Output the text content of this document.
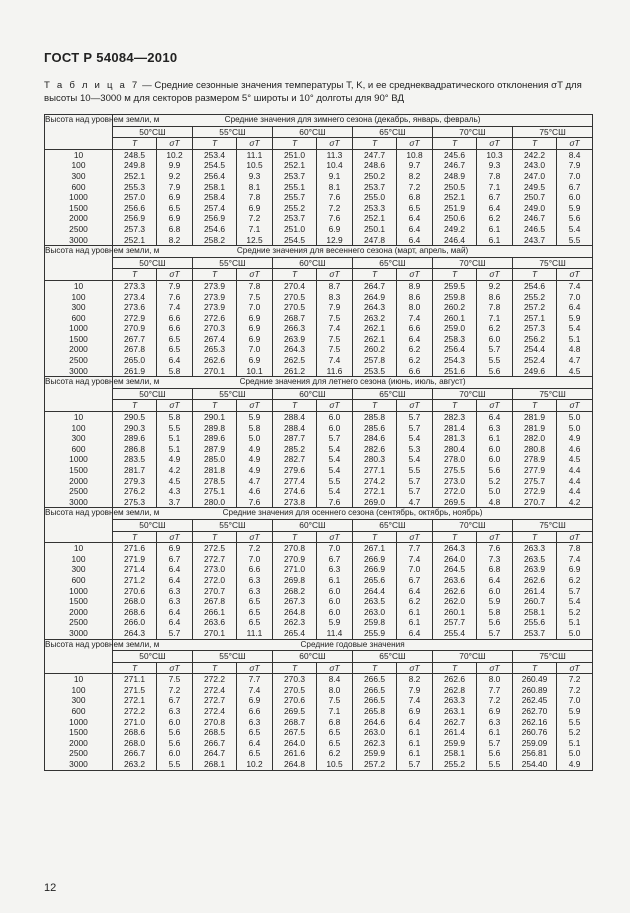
ГОСТ Р 54084—2010
Т а б л и ц а 7 — Средние сезонные значения температуры T, K, и ее среднеквадратического отклонения σT для высоты 10—3000 м для секторов размером 5° широты и 10° долготы для 90° ВД
Высота над уровнем земли, м	Средние значения для зимнего сезона (декабрь, январь, февраль)											
	50°СШ		55°СШ		60°СШ		65°СШ		70°СШ		75°СШ	
	T	σT	T	σT	T	σT	T	σT	T	σT	T	σT
10	248.5	10.2	253.4	11.1	251.0	11.3	247.7	10.8	245.6	10.3	242.2	8.4
100	249.8	9.9	254.5	10.5	252.1	10.4	248.6	9.7	246.7	9.3	243.0	7.9
300	252.1	9.2	256.4	9.3	253.7	9.1	250.2	8.2	248.9	7.8	247.0	7.0
600	255.3	7.9	258.1	8.1	255.1	8.1	253.7	7.2	250.5	7.1	249.5	6.7
1000	257.0	6.9	258.4	7.8	255.7	7.6	255.0	6.8	252.1	6.7	250.7	6.0
1500	256.6	6.5	257.4	6.9	255.2	7.2	253.3	6.5	251.9	6.4	249.0	5.9
2000	256.9	6.9	256.9	7.2	253.7	7.6	252.1	6.4	250.6	6.2	246.7	5.6
2500	257.3	6.8	254.6	7.1	251.0	6.9	250.1	6.4	249.2	6.1	246.5	5.4
3000	252.1	8.2	258.2	12.5	254.5	12.9	247.8	6.4	246.4	6.1	243.7	5.5
Высота над уровнем земли, м	Средние значения для весеннего сезона (март, апрель, май)											
	50°СШ		55°СШ		60°СШ		65°СШ		70°СШ		75°СШ	
	T	σT	T	σT	T	σT	T	σT	T	σT	T	σT
10	273.3	7.9	273.9	7.8	270.4	8.7	264.7	8.9	259.5	9.2	254.6	7.4
100	273.4	7.6	273.9	7.5	270.5	8.3	264.9	8.6	259.8	8.6	255.2	7.0
300	273.6	7.4	273.9	7.0	270.5	7.9	264.3	8.0	260.2	7.8	257.2	6.4
600	272.9	6.6	272.6	6.9	268.7	7.5	263.2	7.4	260.1	7.1	257.1	5.9
1000	270.9	6.6	270.3	6.9	266.3	7.4	262.1	6.6	259.0	6.2	257.3	5.4
1500	267.7	6.5	267.4	6.9	263.9	7.5	262.1	6.4	258.3	6.0	256.2	5.1
2000	267.8	6.5	265.3	7.0	264.3	7.5	260.2	6.2	256.4	5.7	254.4	4.8
2500	265.0	6.4	262.6	6.9	262.5	7.4	257.8	6.2	254.3	5.5	252.4	4.7
3000	261.9	5.8	270.1	10.1	261.2	11.6	253.5	6.6	251.6	5.6	249.6	4.5
Высота над уровнем земли, м	Средние значения для летнего сезона (июнь, июль, август)											
	50°СШ		55°СШ		60°СШ		65°СШ		70°СШ		75°СШ	
	T	σT	T	σT	T	σT	T	σT	T	σT	T	σT
10	290.5	5.8	290.1	5.9	288.4	6.0	285.8	5.7	282.3	6.4	281.9	5.0
100	290.3	5.5	289.8	5.8	288.4	6.0	285.6	5.7	281.4	6.3	281.9	5.0
300	289.6	5.1	289.6	5.0	287.7	5.7	284.6	5.4	281.3	6.1	282.0	4.9
600	286.8	5.1	287.9	4.9	285.2	5.4	282.6	5.3	280.4	6.0	280.8	4.6
1000	283.5	4.9	285.0	4.9	282.7	5.4	280.3	5.4	278.0	6.0	278.9	4.5
1500	281.7	4.2	281.8	4.9	279.6	5.4	277.1	5.5	275.5	5.6	277.9	4.4
2000	279.3	4.5	278.5	4.7	277.4	5.5	274.2	5.7	273.0	5.2	275.7	4.4
2500	276.2	4.3	275.1	4.6	274.6	5.4	272.1	5.7	272.0	5.0	272.9	4.4
3000	275.3	3.7	280.0	7.6	273.8	7.6	269.0	4.7	269.5	4.8	270.7	4.2
Высота над уровнем земли, м	Средние значения для осеннего сезона (сентябрь, октябрь, ноябрь)											
	50°СШ		55°СШ		60°СШ		65°СШ		70°СШ		75°СШ	
	T	σT	T	σT	T	σT	T	σT	T	σT	T	σT
10	271.6	6.9	272.5	7.2	270.8	7.0	267.1	7.7	264.3	7.6	263.3	7.8
100	271.9	6.7	272.7	7.0	270.9	6.7	266.9	7.4	264.0	7.3	263.5	7.4
300	271.4	6.4	273.0	6.6	271.0	6.3	266.9	7.0	264.5	6.8	263.9	6.9
600	271.2	6.4	272.0	6.3	269.8	6.1	265.6	6.7	263.6	6.4	262.6	6.2
1000	270.6	6.3	270.7	6.3	268.2	6.0	264.4	6.4	262.6	6.0	261.4	5.7
1500	268.0	6.3	267.8	6.5	267.3	6.0	263.5	6.2	262.0	5.9	260.7	5.4
2000	268.6	6.4	266.1	6.5	264.8	6.0	263.0	6.1	260.1	5.8	258.1	5.2
2500	266.0	6.4	263.6	6.5	262.3	5.9	259.8	6.1	257.7	5.6	255.6	5.1
3000	264.3	5.7	270.1	11.1	265.4	11.4	255.9	6.4	255.4	5.7	253.7	5.0
Высота над уровнем земли, м	Средние годовые значения											
	50°СШ		55°СШ		60°СШ		65°СШ		70°СШ		75°СШ	
	T	σT	T	σT	T	σT	T	σT	T	σT	T	σT
10	271.1	7.5	272.2	7.7	270.3	8.4	266.5	8.2	262.6	8.0	260.49	7.2
100	271.5	7.2	272.4	7.4	270.5	8.0	266.5	7.9	262.8	7.7	260.89	7.2
300	272.1	6.7	272.7	6.9	270.6	7.5	266.5	7.4	263.3	7.2	262.45	7.0
600	272.2	6.3	272.4	6.6	269.5	7.1	265.8	6.9	263.1	6.9	262.70	5.9
1000	271.0	6.0	270.8	6.3	268.7	6.8	264.6	6.4	262.7	6.3	262.16	5.5
1500	268.6	5.6	268.5	6.5	267.5	6.5	263.0	6.1	261.4	6.1	260.76	5.2
2000	268.0	5.6	266.7	6.4	264.0	6.5	262.3	6.1	259.9	5.7	259.09	5.1
2500	266.7	6.0	264.7	6.5	261.6	6.2	259.9	6.1	258.1	5.6	256.81	5.0
3000	263.2	5.5	268.1	10.2	264.8	10.5	257.2	5.7	255.2	5.5	254.40	4.9
12
